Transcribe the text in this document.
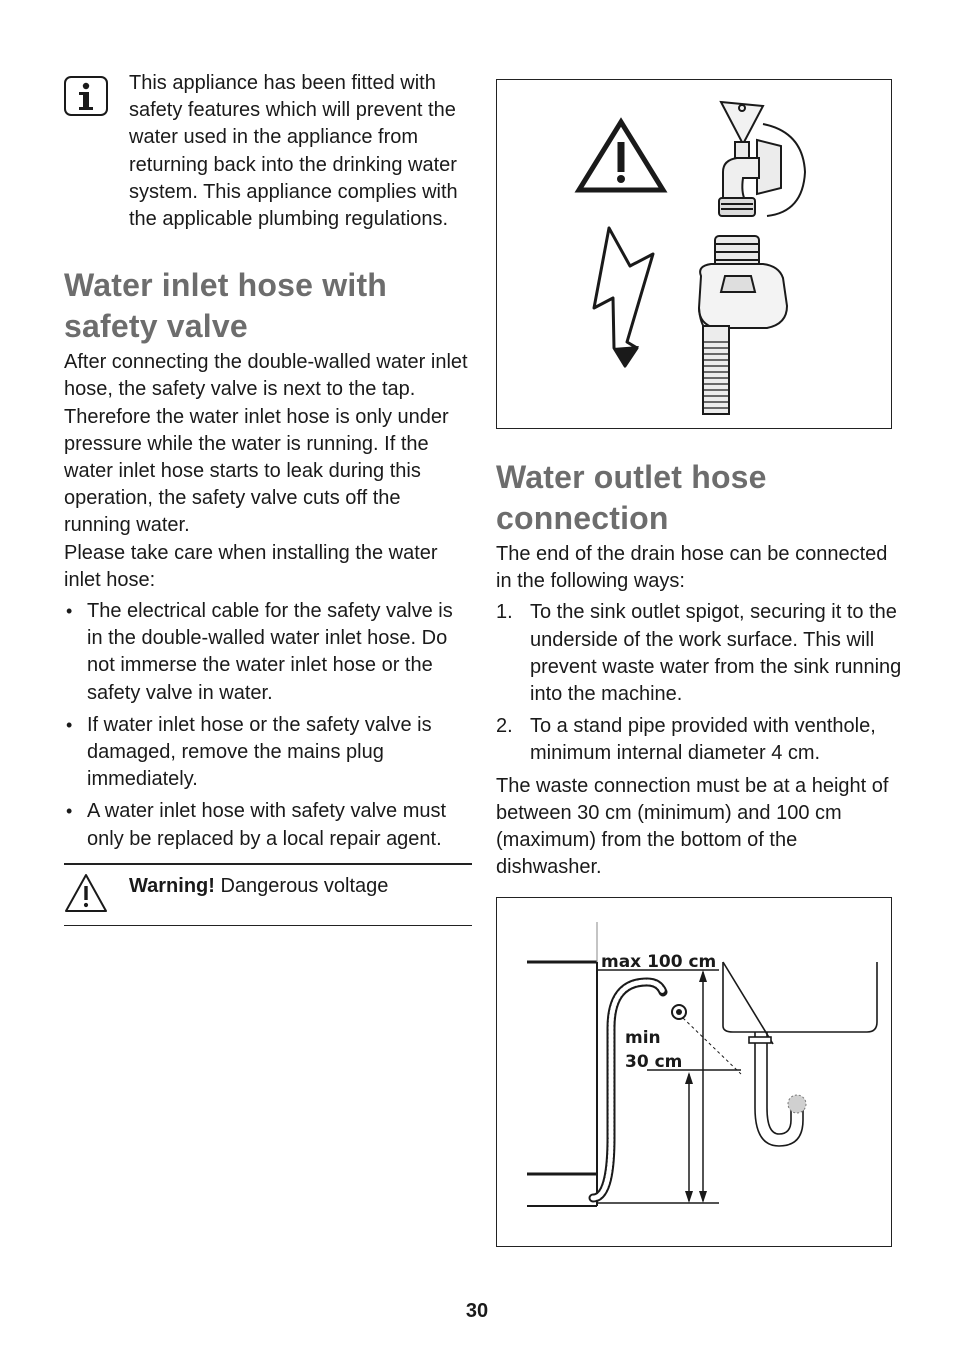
This appliance has been fitted with safety features which will prevent the water used in the appliance from returning back into the drinking water system. This appliance complies with the applicable plumbing regulations.

Water inlet hose with safety valve

After connecting the double-walled water inlet hose, the safety valve is next to the tap. Therefore the water inlet hose is only under pressure while the water is running. If the water inlet hose starts to leak during this operation, the safety valve cuts off the running water.

Please take care when installing the water inlet hose:

• The electrical cable for the safety valve is in the double-walled water inlet hose. Do not immerse the water inlet hose or the safety valve in water.
• If water inlet hose or the safety valve is damaged, remove the mains plug immediately.
• A water inlet hose with safety valve must only be replaced by a local repair agent.

Warning! Dangerous voltage

Water outlet hose connection

The end of the drain hose can be connected in the following ways:

1. To the sink outlet spigot, securing it to the underside of the work surface. This will prevent waste water from the sink running into the machine.
2. To a stand pipe provided with venthole, minimum internal diameter 4 cm.

The waste connection must be at a height of between 30 cm (minimum) and 100 cm (maximum) from the bottom of the dishwasher.

max 100 cm
min
30 cm
30
